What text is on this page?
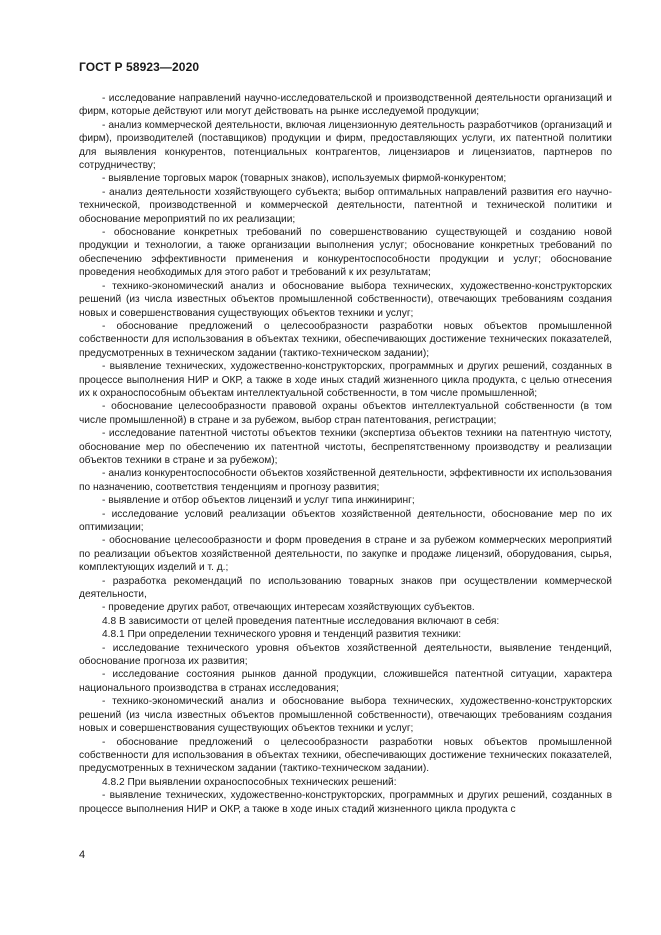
ГОСТ Р 58923—2020

- исследование направлений научно-исследовательской и производственной деятельности организаций и фирм, которые действуют или могут действовать на рынке исследуемой продукции;

- анализ коммерческой деятельности, включая лицензионную деятельность разработчиков (организаций и фирм), производителей (поставщиков) продукции и фирм, предоставляющих услуги, их патентной политики для выявления конкурентов, потенциальных контрагентов, лицензиаров и лицензиатов, партнеров по сотрудничеству;

- выявление торговых марок (товарных знаков), используемых фирмой-конкурентом;

- анализ деятельности хозяйствующего субъекта; выбор оптимальных направлений развития его научно-технической, производственной и коммерческой деятельности, патентной и технической политики и обоснование мероприятий по их реализации;

- обоснование конкретных требований по совершенствованию существующей и созданию новой продукции и технологии, а также организации выполнения услуг; обоснование конкретных требований по обеспечению эффективности применения и конкурентоспособности продукции и услуг; обоснование проведения необходимых для этого работ и требований к их результатам;

- технико-экономический анализ и обоснование выбора технических, художественно-конструкторских решений (из числа известных объектов промышленной собственности), отвечающих требованиям создания новых и совершенствования существующих объектов техники и услуг;

- обоснование предложений о целесообразности разработки новых объектов промышленной собственности для использования в объектах техники, обеспечивающих достижение технических показателей, предусмотренных в техническом задании (тактико-техническом задании);

- выявление технических, художественно-конструкторских, программных и других решений, созданных в процессе выполнения НИР и ОКР, а также в ходе иных стадий жизненного цикла продукта, с целью отнесения их к охраноспособным объектам интеллектуальной собственности, в том числе промышленной;

- обоснование целесообразности правовой охраны объектов интеллектуальной собственности (в том числе промышленной) в стране и за рубежом, выбор стран патентования, регистрации;

- исследование патентной чистоты объектов техники (экспертиза объектов техники на патентную чистоту, обоснование мер по обеспечению их патентной чистоты, беспрепятственному производству и реализации объектов техники в стране и за рубежом);

- анализ конкурентоспособности объектов хозяйственной деятельности, эффективности их использования по назначению, соответствия тенденциям и прогнозу развития;

- выявление и отбор объектов лицензий и услуг типа инжиниринг;

- исследование условий реализации объектов хозяйственной деятельности, обоснование мер по их оптимизации;

- обоснование целесообразности и форм проведения в стране и за рубежом коммерческих мероприятий по реализации объектов хозяйственной деятельности, по закупке и продаже лицензий, оборудования, сырья, комплектующих изделий и т. д.;

- разработка рекомендаций по использованию товарных знаков при осуществлении коммерческой деятельности,

- проведение других работ, отвечающих интересам хозяйствующих субъектов.

4.8 В зависимости от целей проведения патентные исследования включают в себя:

4.8.1 При определении технического уровня и тенденций развития техники:

- исследование технического уровня объектов хозяйственной деятельности, выявление тенденций, обоснование прогноза их развития;

- исследование состояния рынков данной продукции, сложившейся патентной ситуации, характера национального производства в странах исследования;

- технико-экономический анализ и обоснование выбора технических, художественно-конструкторских решений (из числа известных объектов промышленной собственности), отвечающих требованиям создания новых и совершенствования существующих объектов техники и услуг;

- обоснование предложений о целесообразности разработки новых объектов промышленной собственности для использования в объектах техники, обеспечивающих достижение технических показателей, предусмотренных в техническом задании (тактико-техническом задании).

4.8.2 При выявлении охраноспособных технических решений:

- выявление технических, художественно-конструкторских, программных и других решений, созданных в процессе выполнения НИР и ОКР, а также в ходе иных стадий жизненного цикла продукта с

4
